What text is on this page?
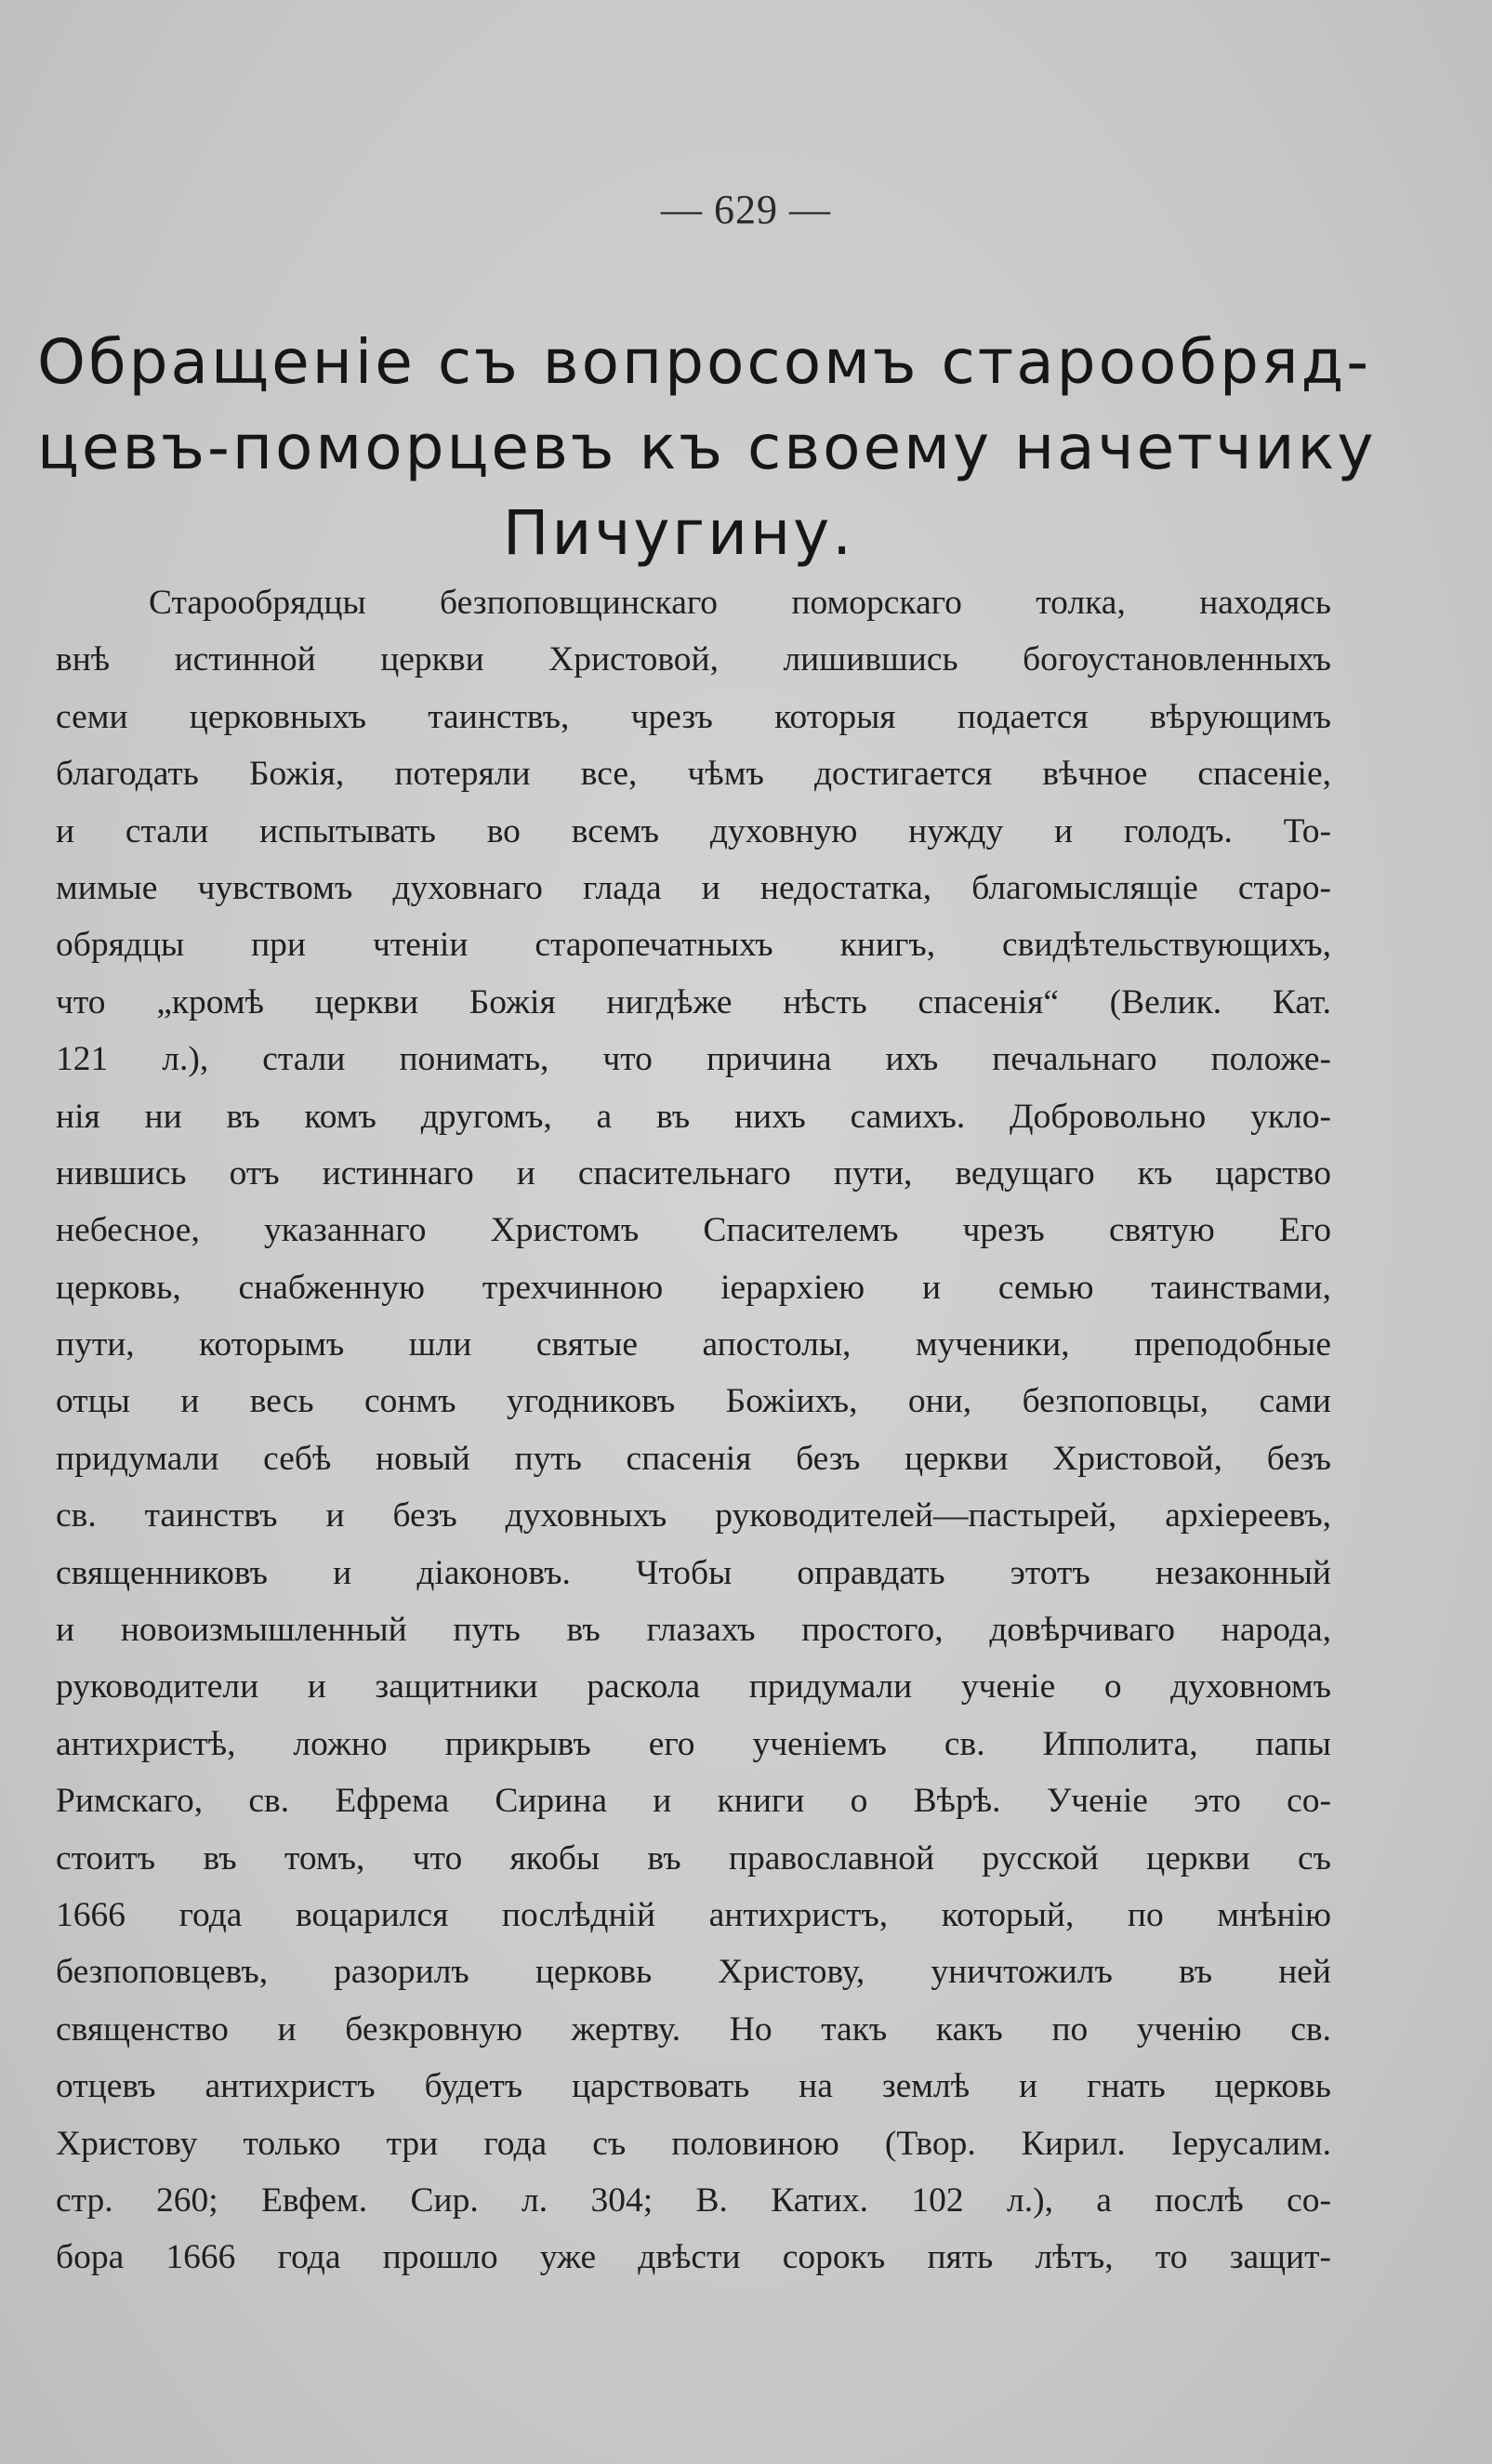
— 629 —
Обращеніе съ вопросомъ старообряд-
цевъ-поморцевъ къ своему начетчику
Пичугину.
Старообрядцы безпоповщинскаго поморскаго толка, находясь
внѣ истинной церкви Христовой, лишившись богоустановленныхъ
семи церковныхъ таинствъ, чрезъ которыя подается вѣрующимъ
благодать Божія, потеряли все, чѣмъ достигается вѣчное спасеніе,
и стали испытывать во всемъ духовную нужду и голодъ. То-
мимые чувствомъ духовнаго глада и недостатка, благомыслящіе старо-
обрядцы при чтеніи старопечатныхъ книгъ, свидѣтельствующихъ,
что „кромѣ церкви Божія нигдѣже нѣсть спасенія“ (Велик. Кат.
121 л.), стали понимать, что причина ихъ печальнаго положе-
нія ни въ комъ другомъ, а въ нихъ самихъ. Добровольно укло-
нившись отъ истиннаго и спасительнаго пути, ведущаго къ царство
небесное, указаннаго Христомъ Спасителемъ чрезъ святую Его
церковь, снабженную трехчинною іерархіею и семью таинствами,
пути, которымъ шли святые апостолы, мученики, преподобные
отцы и весь сонмъ угодниковъ Божіихъ, они, безпоповцы, сами
придумали себѣ новый путь спасенія безъ церкви Христовой, безъ
св. таинствъ и безъ духовныхъ руководителей—пастырей, архіереевъ,
священниковъ и діаконовъ. Чтобы оправдать этотъ незаконный
и новоизмышленный путь въ глазахъ простого, довѣрчиваго народа,
руководители и защитники раскола придумали ученіе о духовномъ
антихристѣ, ложно прикрывъ его ученіемъ св. Ипполита, папы
Римскаго, св. Ефрема Сирина и книги о Вѣрѣ. Ученіе это со-
стоитъ въ томъ, что якобы въ православной русской церкви съ
1666 года воцарился послѣдній антихристъ, который, по мнѣнію
безпоповцевъ, разорилъ церковь Христову, уничтожилъ въ ней
священство и безкровную жертву. Но такъ какъ по ученію св.
отцевъ антихристъ будетъ царствовать на землѣ и гнать церковь
Христову только три года съ половиною (Твор. Кирил. Іерусалим.
стр. 260; Евфем. Сир. л. 304; В. Катих. 102 л.), а послѣ со-
бора 1666 года прошло уже двѣсти сорокъ пять лѣтъ, то защит-
